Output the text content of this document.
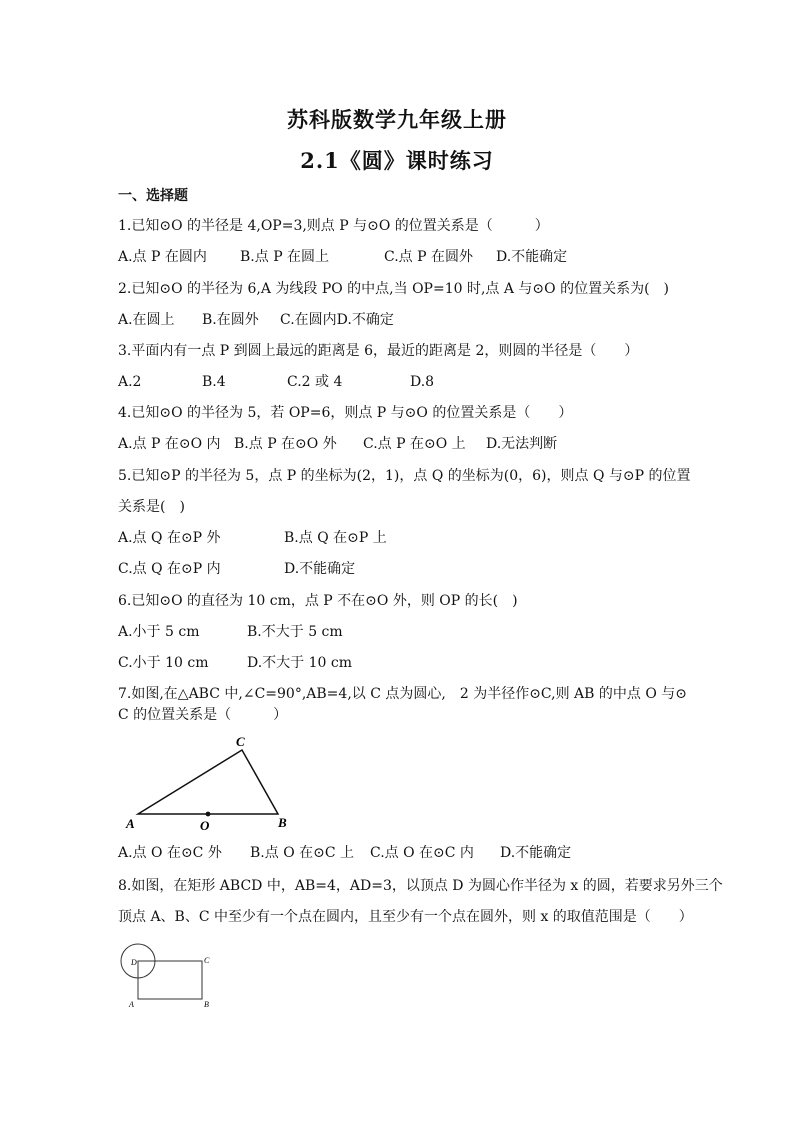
苏科版数学九年级上册
2.1《圆》课时练习
一、选择题
1.已知⊙O 的半径是 4,OP=3,则点 P 与⊙O 的位置关系是（　　　）
A.点 P 在圆内 B.点 P 在圆上	C.点 P 在圆外 D.不能确定
2.已知⊙O 的半径为 6,A 为线段 PO 的中点,当 OP=10 时,点 A 与⊙O 的位置关系为(　)
A.在圆上 B.在圆外 C.在圆内D.不确定
3.平面内有一点 P 到圆上最远的距离是 6，最近的距离是 2，则圆的半径是（　　）
A.2	B.4	C.2 或 4	D.8
4.已知⊙O 的半径为 5，若 OP=6，则点 P 与⊙O 的位置关系是（　　）
A.点 P 在⊙O 内 B.点 P 在⊙O 外 C.点 P 在⊙O 上 D.无法判断
5.已知⊙P 的半径为 5，点 P 的坐标为(2，1)，点 Q 的坐标为(0，6)，则点 Q 与⊙P 的位置
关系是(　)
A.点 Q 在⊙P 外	B.点 Q 在⊙P 上
C.点 Q 在⊙P 内	D.不能确定
6.已知⊙O 的直径为 10 cm，点 P 不在⊙O 外，则 OP 的长(　)
A.小于 5 cm	B.不大于 5 cm
C.小于 10 cm	D.不大于 10 cm
7.如图,在△ABC 中,∠C=90°,AB=4,以 C 点为圆心,　2 为半径作⊙C,则 AB 的中点 O 与⊙
C 的位置关系是（　　　）
A	B
C
O
A.点 O 在⊙C 外 B.点 O 在⊙C 上 C.点 O 在⊙C 内 D.不能确定
8.如图，在矩形 ABCD 中，AB=4，AD=3，以顶点 D 为圆心作半径为 x 的圆，若要求另外三个
顶点 A、B、C 中至少有一个点在圆内，且至少有一个点在圆外，则 x 的取值范围是（　　）
D	C
A	B
